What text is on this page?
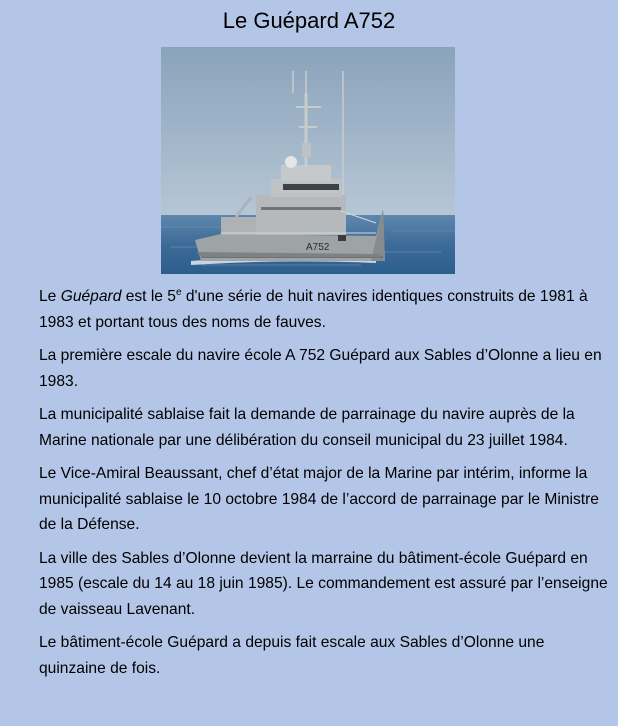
Le Guépard A752
A752

Le Guépard est le 5e d'une série de huit navires identiques construits de 1981 à 1983 et portant tous des noms de fauves.

La première escale du navire école A 752 Guépard aux Sables d’Olonne a lieu en 1983.

La municipalité sablaise fait la demande de parrainage du navire auprès de la Marine nationale par une délibération du conseil municipal du 23 juillet 1984.

Le Vice-Amiral Beaussant, chef d’état major de la Marine par intérim, informe la municipalité sablaise le 10 octobre 1984 de l’accord de parrainage par le Ministre de la Défense.

La ville des Sables d’Olonne devient la marraine du bâtiment-école Guépard en 1985 (escale du 14 au 18 juin 1985). Le commandement est assuré par l’enseigne de vaisseau Lavenant.

Le bâtiment-école Guépard a depuis fait escale aux Sables d’Olonne une quinzaine de fois.
